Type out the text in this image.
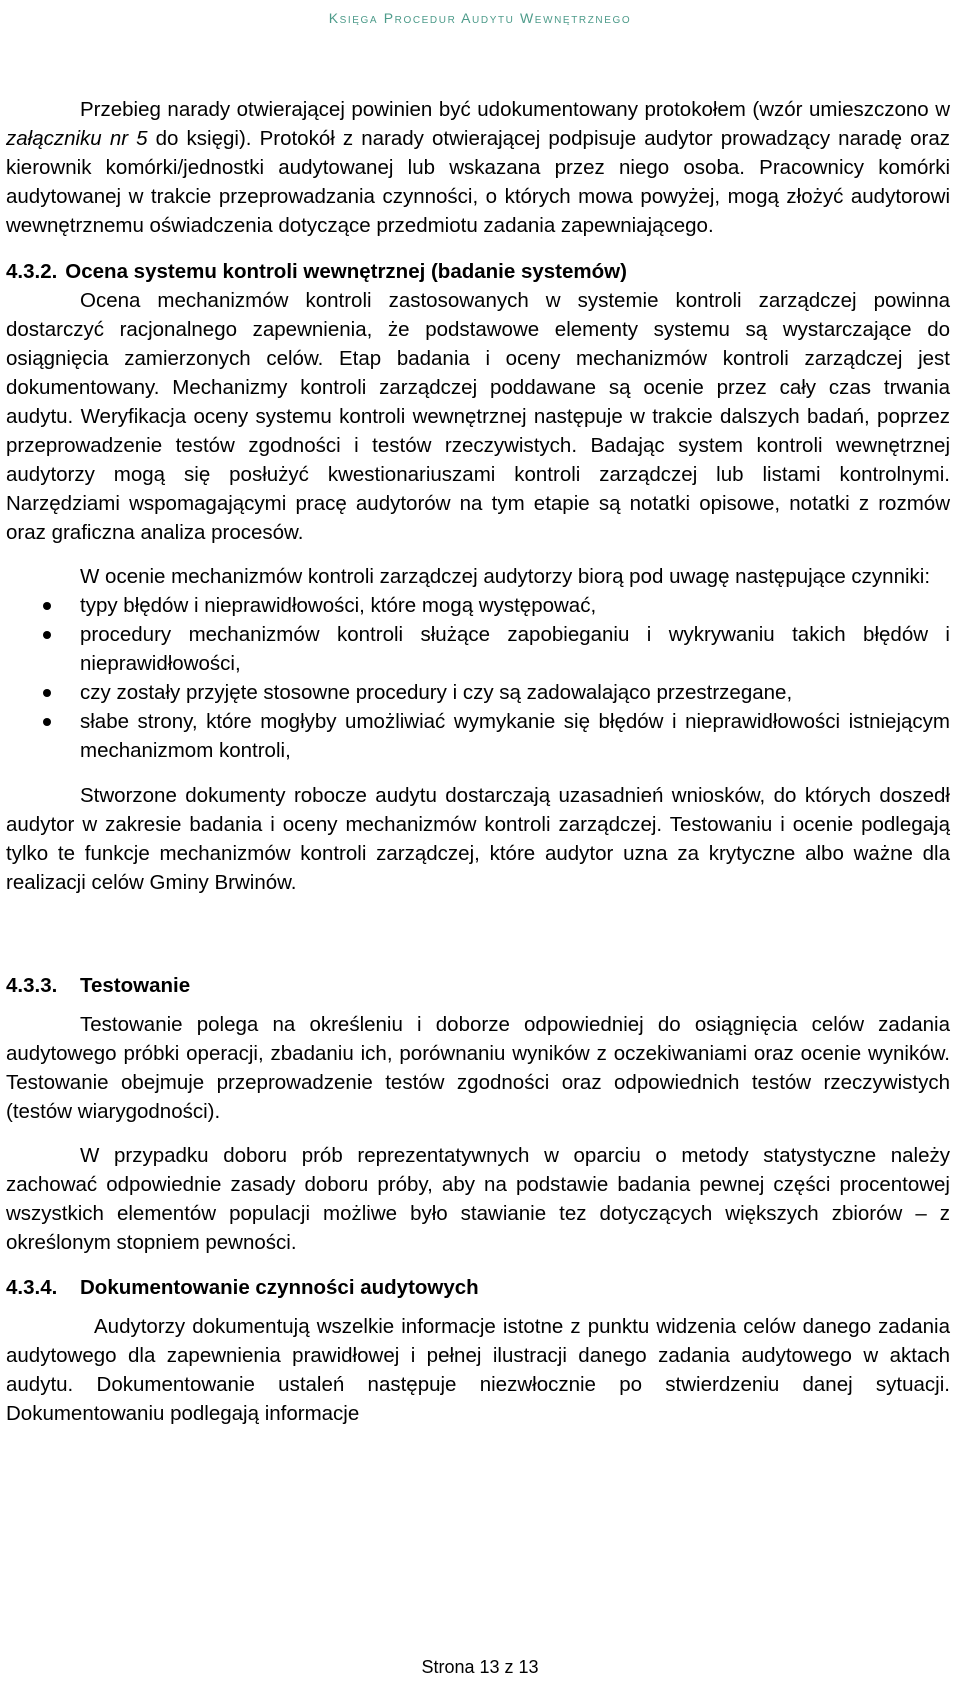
Księga Procedur Audytu Wewnętrznego

Przebieg narady otwierającej powinien być udokumentowany protokołem (wzór umieszczono w załączniku nr 5 do księgi). Protokół z narady otwierającej podpisuje audytor prowadzący naradę oraz kierownik komórki/jednostki audytowanej lub wskazana przez niego osoba. Pracownicy komórki audytowanej w trakcie przeprowadzania czynności, o których mowa powyżej, mogą złożyć audytorowi wewnętrznemu oświadczenia dotyczące przedmiotu zadania zapewniającego.

4.3.2. Ocena systemu kontroli wewnętrznej (badanie systemów)

Ocena mechanizmów kontroli zastosowanych w systemie kontroli zarządczej powinna dostarczyć racjonalnego zapewnienia, że podstawowe elementy systemu są wystarczające do osiągnięcia zamierzonych celów. Etap badania i oceny mechanizmów kontroli zarządczej jest dokumentowany. Mechanizmy kontroli zarządczej poddawane są ocenie przez cały czas trwania audytu. Weryfikacja oceny systemu kontroli wewnętrznej następuje w trakcie dalszych badań, poprzez przeprowadzenie testów zgodności i testów rzeczywistych. Badając system kontroli wewnętrznej audytorzy mogą się posłużyć kwestionariuszami kontroli zarządczej lub listami kontrolnymi. Narzędziami wspomagającymi pracę audytorów na tym etapie są notatki opisowe, notatki z rozmów oraz graficzna analiza procesów.

W ocenie mechanizmów kontroli zarządczej audytorzy biorą pod uwagę następujące czynniki:

typy błędów i nieprawidłowości, które mogą występować,
procedury mechanizmów kontroli służące zapobieganiu i wykrywaniu takich błędów i nieprawidłowości,
czy zostały przyjęte stosowne procedury i czy są zadowalająco przestrzegane,
słabe strony, które mogłyby umożliwiać wymykanie się błędów i nieprawidłowości istniejącym mechanizmom kontroli,

Stworzone dokumenty robocze audytu dostarczają uzasadnień wniosków, do których doszedł audytor w zakresie badania i oceny mechanizmów kontroli zarządczej. Testowaniu i ocenie podlegają tylko te funkcje mechanizmów kontroli zarządczej, które audytor uzna za krytyczne albo ważne dla realizacji celów Gminy Brwinów.

4.3.3.	Testowanie

Testowanie polega na określeniu i doborze odpowiedniej do osiągnięcia celów zadania audytowego próbki operacji, zbadaniu ich, porównaniu wyników z oczekiwaniami oraz ocenie wyników. Testowanie obejmuje przeprowadzenie testów zgodności oraz odpowiednich testów rzeczywistych (testów wiarygodności).

W przypadku doboru prób reprezentatywnych w oparciu o metody statystyczne należy zachować odpowiednie zasady doboru próby, aby na podstawie badania pewnej części procentowej wszystkich elementów populacji możliwe było stawianie tez dotyczących większych zbiorów – z określonym stopniem pewności.

4.3.4.	Dokumentowanie czynności audytowych

Audytorzy dokumentują wszelkie informacje istotne z punktu widzenia celów danego zadania audytowego dla zapewnienia prawidłowej i pełnej ilustracji danego zadania audytowego w aktach audytu. Dokumentowanie ustaleń następuje niezwłocznie po stwierdzeniu danej sytuacji. Dokumentowaniu podlegają informacje

Strona 13 z 13
